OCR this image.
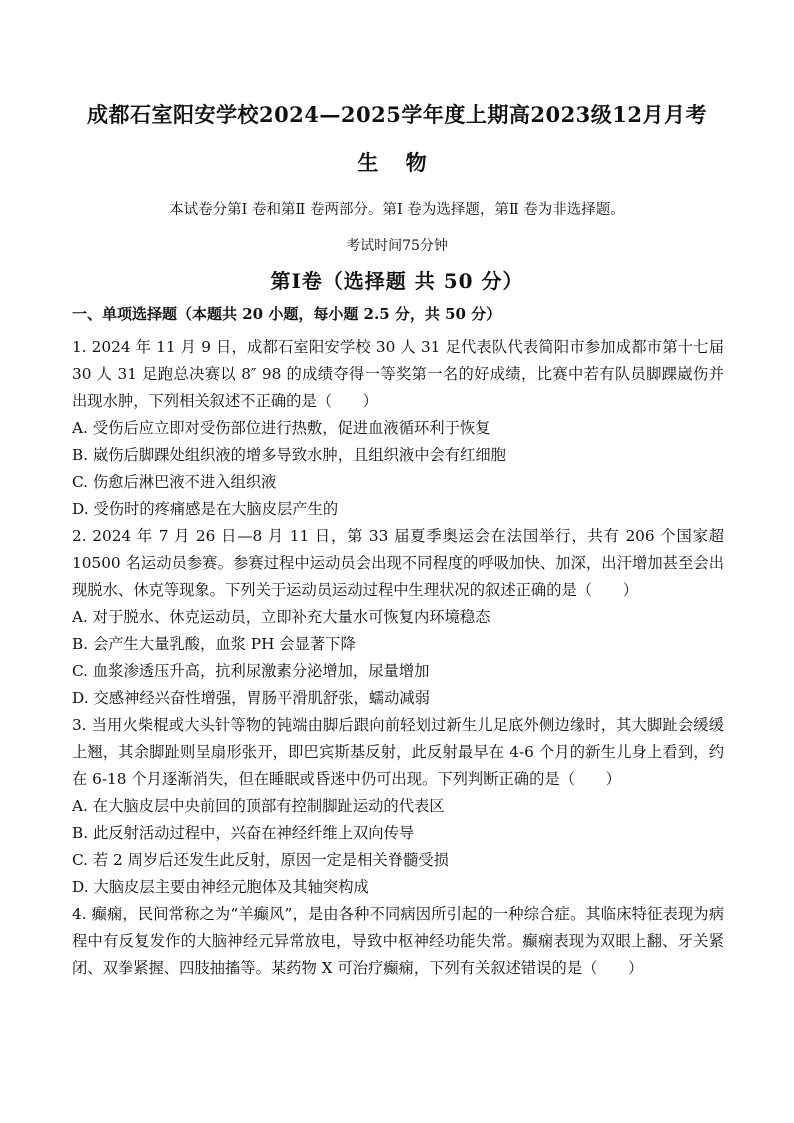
成都石室阳安学校2024—2025学年度上期高2023级12月月考
生 物
本试卷分第Ⅰ 卷和第Ⅱ 卷两部分。第Ⅰ 卷为选择题，第Ⅱ 卷为非选择题。
考试时间75分钟
第Ⅰ卷（选择题 共 50 分）
一、单项选择题（本题共 20 小题，每小题 2.5 分，共 50 分）

1. 2024 年 11 月 9 日，成都石室阳安学校 30 人 31 足代表队代表简阳市参加成都市第十七届 30 人 31 足跑总决赛以 8″ 98 的成绩夺得一等奖第一名的好成绩，比赛中若有队员脚踝崴伤并出现水肿，下列相关叙述不正确的是（　　）

A. 受伤后应立即对受伤部位进行热敷，促进血液循环利于恢复

B. 崴伤后脚踝处组织液的增多导致水肿，且组织液中会有红细胞

C. 伤愈后淋巴液不进入组织液

D. 受伤时的疼痛感是在大脑皮层产生的

2. 2024 年 7 月 26 日—8 月 11 日，第 33 届夏季奥运会在法国举行，共有 206 个国家超 10500 名运动员参赛。参赛过程中运动员会出现不同程度的呼吸加快、加深，出汗增加甚至会出现脱水、休克等现象。下列关于运动员运动过程中生理状况的叙述正确的是（　　）

A. 对于脱水、休克运动员，立即补充大量水可恢复内环境稳态

B. 会产生大量乳酸，血浆 PH 会显著下降

C. 血浆渗透压升高，抗利尿激素分泌增加，尿量增加

D. 交感神经兴奋性增强，胃肠平滑肌舒张，蠕动减弱

3. 当用火柴棍或大头针等物的钝端由脚后跟向前轻划过新生儿足底外侧边缘时，其大脚趾会缓缓上翘，其余脚趾则呈扇形张开，即巴宾斯基反射，此反射最早在 4-6 个月的新生儿身上看到，约在 6-18 个月逐渐消失，但在睡眠或昏迷中仍可出现。下列判断正确的是（　　）

A. 在大脑皮层中央前回的顶部有控制脚趾运动的代表区

B. 此反射活动过程中，兴奋在神经纤维上双向传导

C. 若 2 周岁后还发生此反射，原因一定是相关脊髓受损

D. 大脑皮层主要由神经元胞体及其轴突构成

4. 癫痫，民间常称之为“羊癫风”，是由各种不同病因所引起的一种综合症。其临床特征表现为病程中有反复发作的大脑神经元异常放电，导致中枢神经功能失常。癫痫表现为双眼上翻、牙关紧闭、双拳紧握、四肢抽搐等。某药物 X 可治疗癫痫，下列有关叙述错误的是（　　）
